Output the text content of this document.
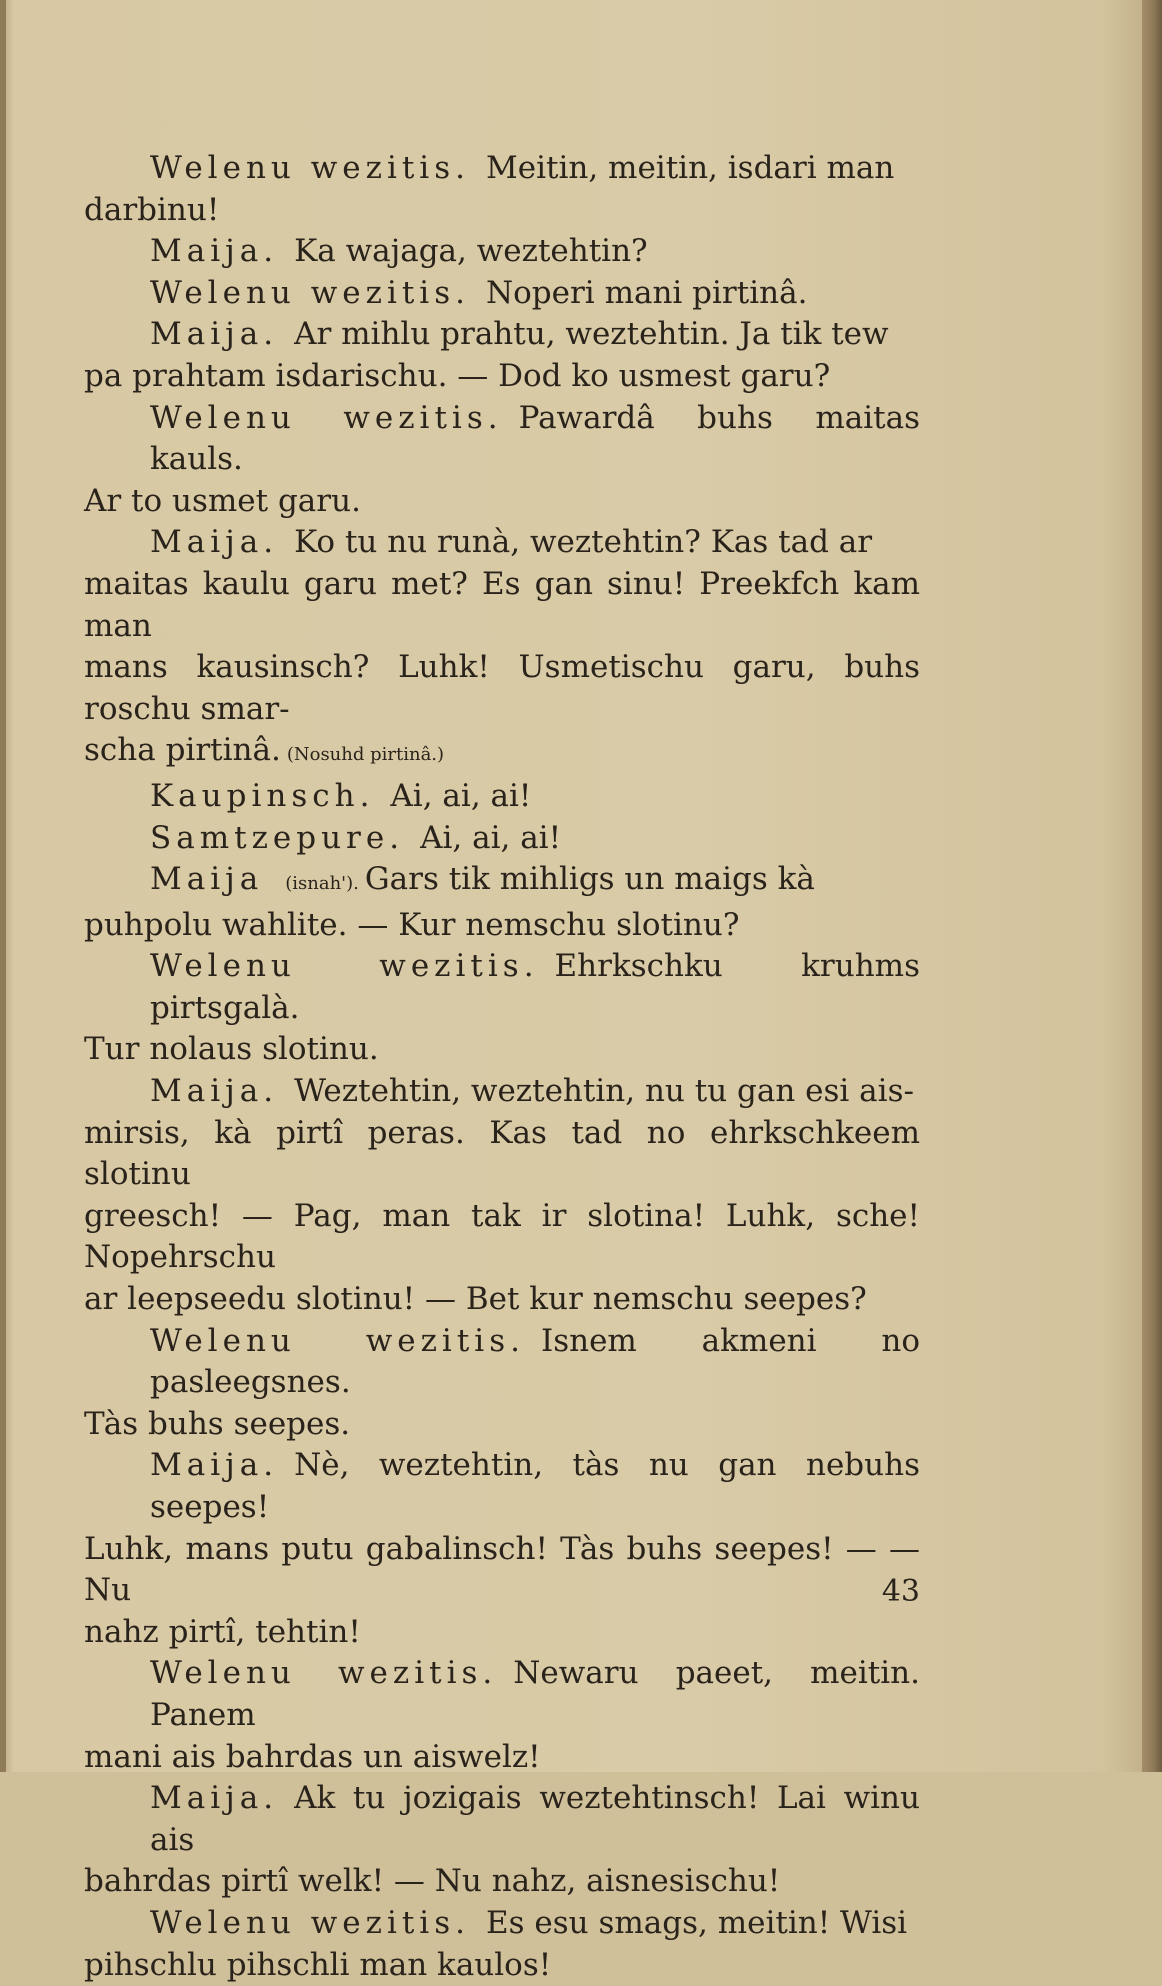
Welenu wezitis. Meitin, meitin, isdari man
darbinu!
Maija. Ka wajaga, weztehtin?
Welenu wezitis. Noperi mani pirtinâ.
Maija. Ar mihlu prahtu, weztehtin. Ja tik tew
pa prahtam isdarischu. — Dod ko usmest garu?
Welenu wezitis. Pawardâ buhs maitas kauls.
Ar to usmet garu.
Maija. Ko tu nu runà, weztehtin? Kas tad ar
maitas kaulu garu met? Es gan sinu! Preekfch kam man
mans kausinsch? Luhk! Usmetischu garu, buhs roschu smar-
scha pirtinâ. (Nosuhd pirtinâ.)
Kaupinsch. Ai, ai, ai!
Samtzepure. Ai, ai, ai!
Maija (isnah'). Gars tik mihligs un maigs kà
puhpolu wahlite. — Kur nemschu slotinu?
Welenu wezitis. Ehrkschku kruhms pirtsgalà.
Tur nolaus slotinu.
Maija. Weztehtin, weztehtin, nu tu gan esi ais-
mirsis, kà pirtî peras. Kas tad no ehrkschkeem slotinu
greesch! — Pag, man tak ir slotina! Luhk, sche! Nopehrschu
ar leepseedu slotinu! — Bet kur nemschu seepes?
Welenu wezitis. Isnem akmeni no pasleegsnes.
Tàs buhs seepes.
Maija. Nè, weztehtin, tàs nu gan nebuhs seepes!
Luhk, mans putu gabalinsch! Tàs buhs seepes! — — Nu
nahz pirtî, tehtin!
Welenu wezitis. Newaru paeet, meitin. Panem
mani ais bahrdas un aiswelz!
Maija. Ak tu jozigais weztehtinsch! Lai winu ais
bahrdas pirtî welk! — Nu nahz, aisnesischu!
Welenu wezitis. Es esu smags, meitin! Wisi
pihschlu pihschli man kaulos!
43
